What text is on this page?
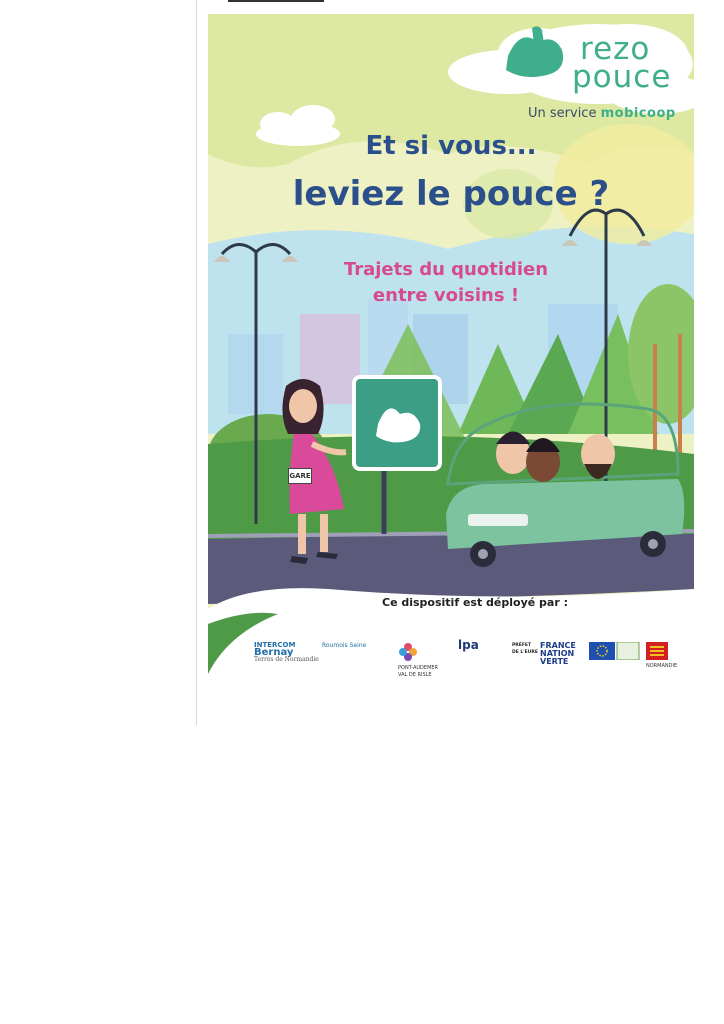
rezo
pouce
Un service mobicoop
Et si vous...
leviez le pouce ?
Trajets du quotidien
entre voisins !
GARE
Ce dispositif est déployé par :
INTERCOM
Bernay
Terres de Normandie
Roumois Seine
PONT-AUDEMER VAL DE RISLE
lpa	PRÉFET
DE L'EURE
FRANCE
NATION
VERTE	NORMANDIE
